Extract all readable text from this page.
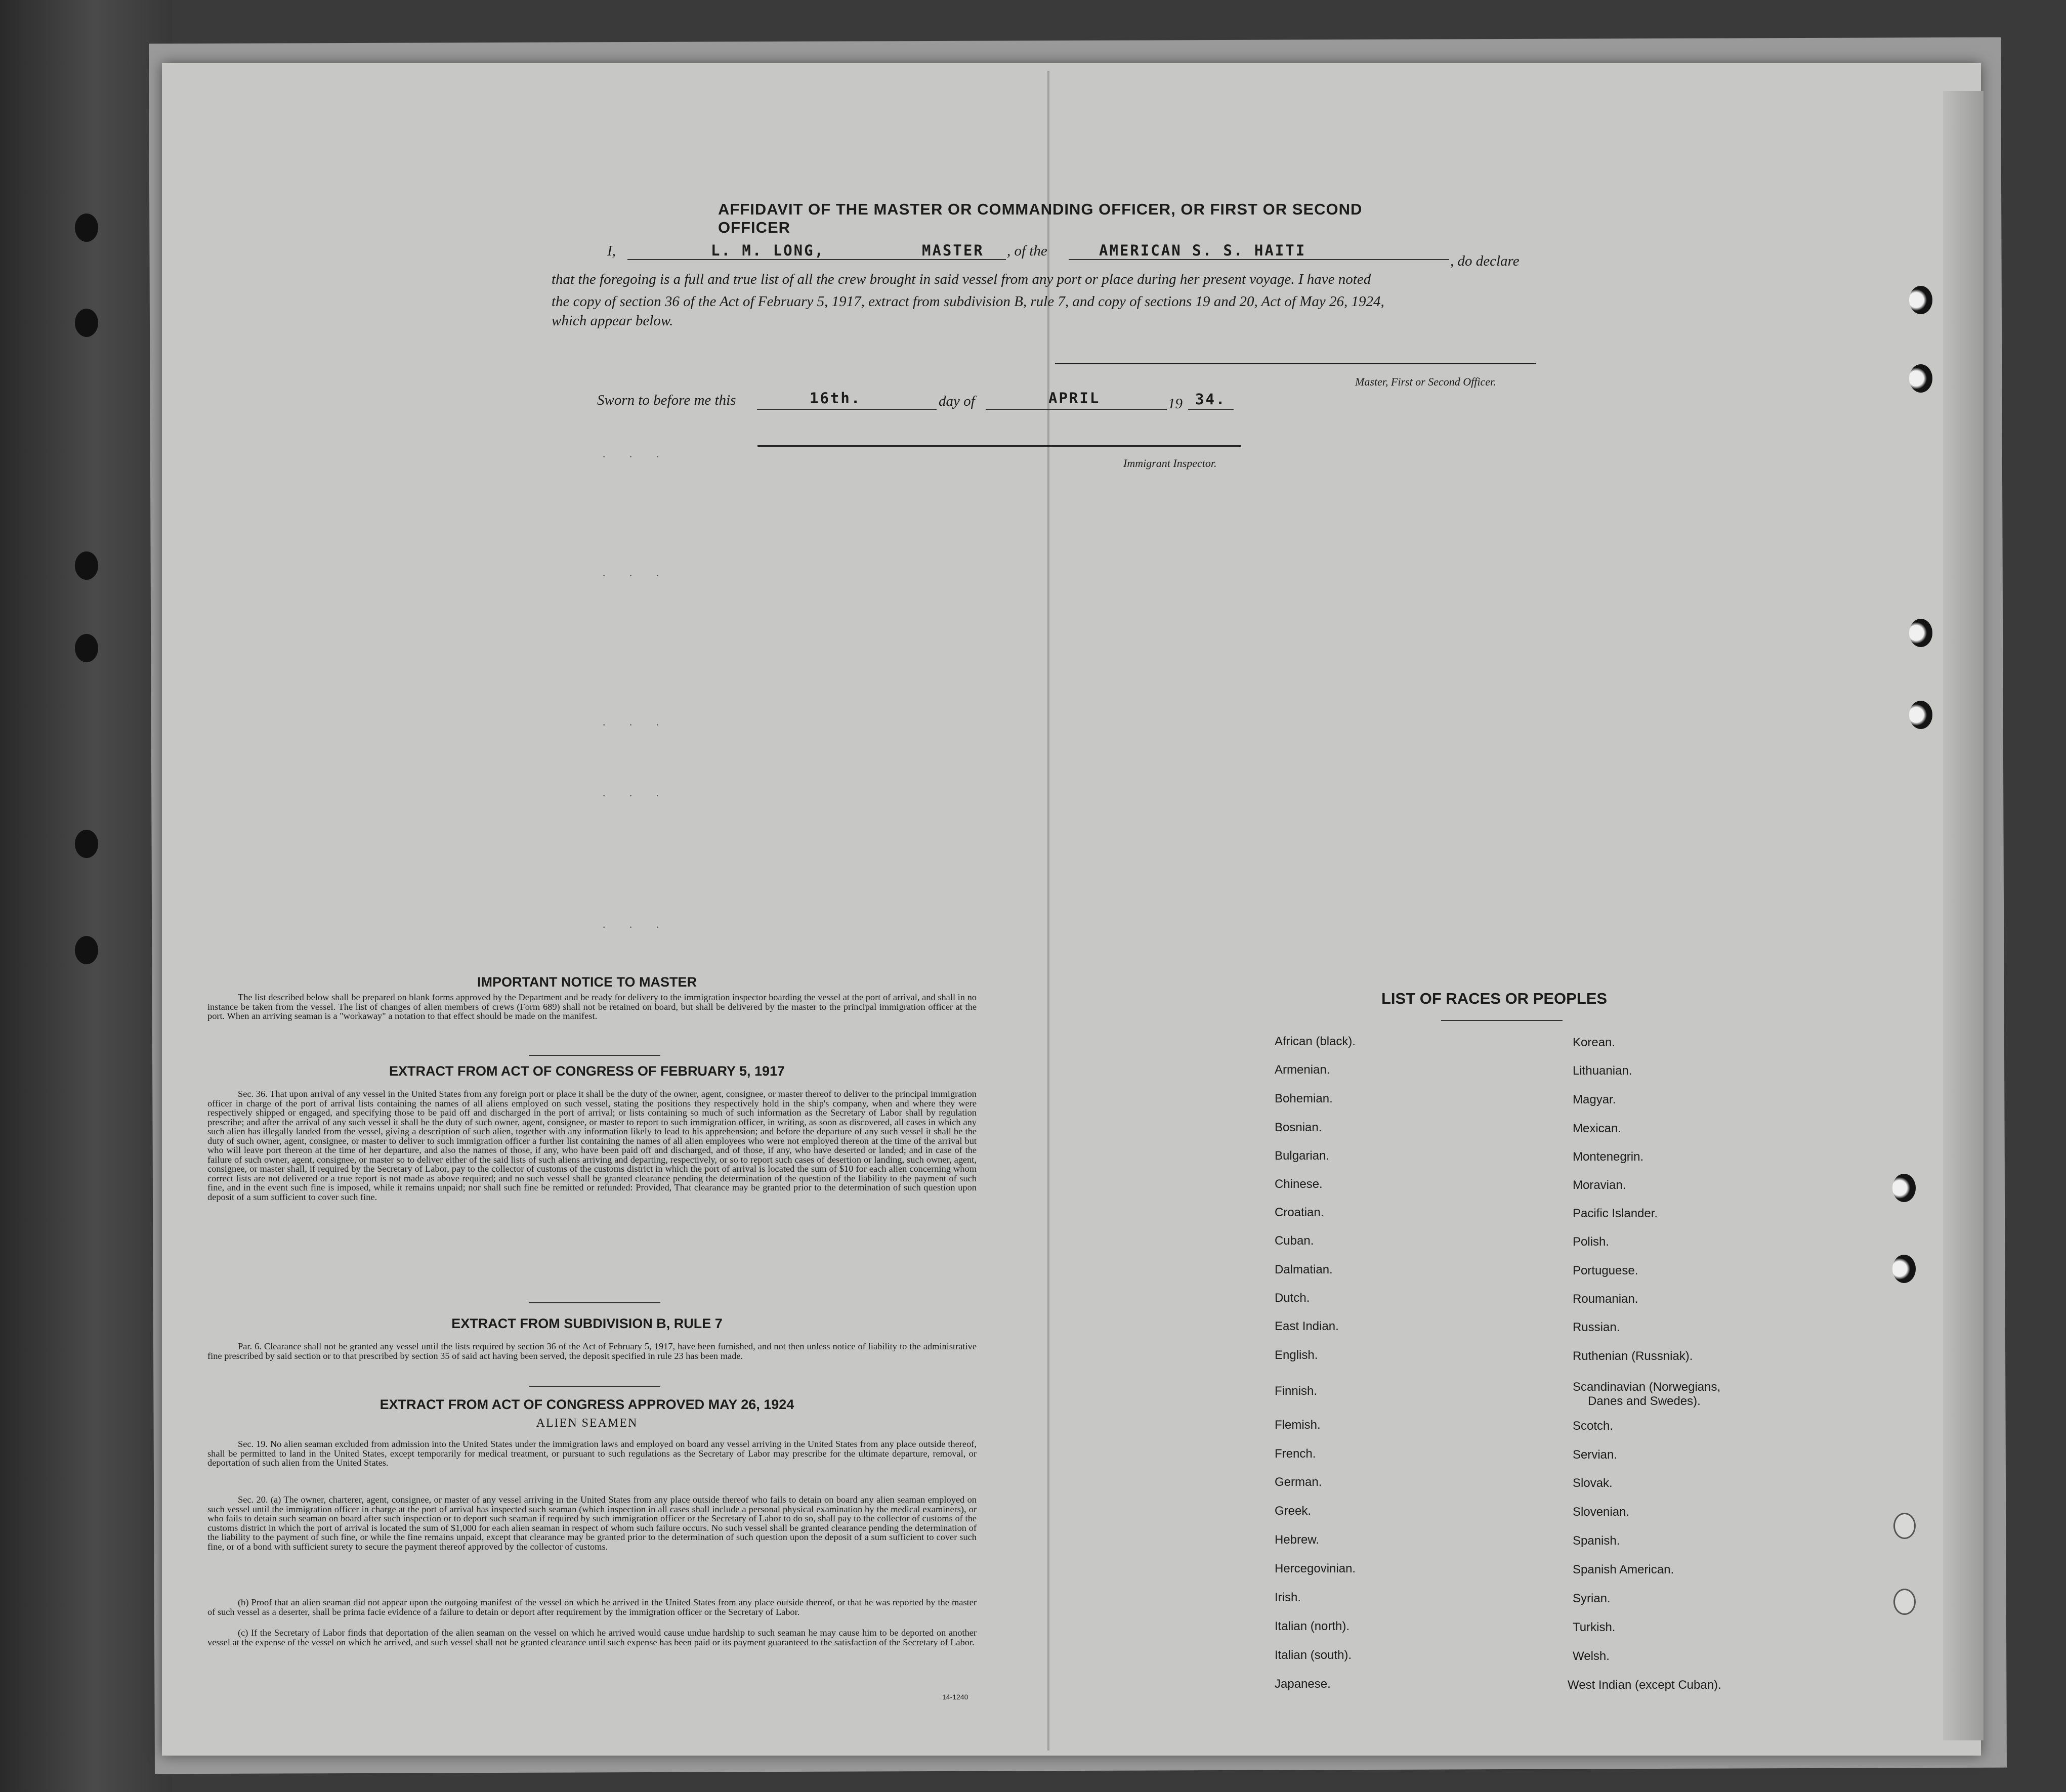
AFFIDAVIT OF THE MASTER OR COMMANDING OFFICER, OR FIRST OR SECOND OFFICER
I,	L. M. LONG,	MASTER , of the	AMERICAN S. S. HAITI
, do declare
that the foregoing is a full and true list of all the crew brought in said vessel from any port or place during her present voyage. I have noted
the copy of section 36 of the Act of February 5, 1917, extract from subdivision B, rule 7, and copy of sections 19 and 20, Act of May 26, 1924,
which appear below.
Master, First or Second Officer.
Sworn to before me this	16th.	day of	APRIL	19 34.
Immigrant Inspector.
· · ·
· · ·
· · ·
· · ·
· · ·
IMPORTANT NOTICE TO MASTER
The list described below shall be prepared on blank forms approved by the Department and be ready for delivery to the immigration inspector boarding the vessel at the port of arrival, and shall in no instance be taken from the vessel. The list of changes of alien members of crews (Form 689) shall not be retained on board, but shall be delivered by the master to the principal immigration officer at the port. When an arriving seaman is a "workaway" a notation to that effect should be made on the manifest.
EXTRACT FROM ACT OF CONGRESS OF FEBRUARY 5, 1917
Sec. 36. That upon arrival of any vessel in the United States from any foreign port or place it shall be the duty of the owner, agent, consignee, or master thereof to deliver to the principal immigration officer in charge of the port of arrival lists containing the names of all aliens employed on such vessel, stating the positions they respectively hold in the ship's company, when and where they were respectively shipped or engaged, and specifying those to be paid off and discharged in the port of arrival; or lists containing so much of such information as the Secretary of Labor shall by regulation prescribe; and after the arrival of any such vessel it shall be the duty of such owner, agent, consignee, or master to report to such immigration officer, in writing, as soon as discovered, all cases in which any such alien has illegally landed from the vessel, giving a description of such alien, together with any information likely to lead to his apprehension; and before the departure of any such vessel it shall be the duty of such owner, agent, consignee, or master to deliver to such immigration officer a further list containing the names of all alien employees who were not employed thereon at the time of the arrival but who will leave port thereon at the time of her departure, and also the names of those, if any, who have been paid off and discharged, and of those, if any, who have deserted or landed; and in case of the failure of such owner, agent, consignee, or master so to deliver either of the said lists of such aliens arriving and departing, respectively, or so to report such cases of desertion or landing, such owner, agent, consignee, or master shall, if required by the Secretary of Labor, pay to the collector of customs of the customs district in which the port of arrival is located the sum of $10 for each alien concerning whom correct lists are not delivered or a true report is not made as above required; and no such vessel shall be granted clearance pending the determination of the question of the liability to the payment of such fine, and in the event such fine is imposed, while it remains unpaid; nor shall such fine be remitted or refunded: Provided, That clearance may be granted prior to the determination of such question upon deposit of a sum sufficient to cover such fine.
EXTRACT FROM SUBDIVISION B, RULE 7
Par. 6. Clearance shall not be granted any vessel until the lists required by section 36 of the Act of February 5, 1917, have been furnished, and not then unless notice of liability to the administrative fine prescribed by said section or to that prescribed by section 35 of said act having been served, the deposit specified in rule 23 has been made.
EXTRACT FROM ACT OF CONGRESS APPROVED MAY 26, 1924
ALIEN SEAMEN
Sec. 19. No alien seaman excluded from admission into the United States under the immigration laws and employed on board any vessel arriving in the United States from any place outside thereof, shall be permitted to land in the United States, except temporarily for medical treatment, or pursuant to such regulations as the Secretary of Labor may prescribe for the ultimate departure, removal, or deportation of such alien from the United States.
Sec. 20. (a) The owner, charterer, agent, consignee, or master of any vessel arriving in the United States from any place outside thereof who fails to detain on board any alien seaman employed on such vessel until the immigration officer in charge at the port of arrival has inspected such seaman (which inspection in all cases shall include a personal physical examination by the medical examiners), or who fails to detain such seaman on board after such inspection or to deport such seaman if required by such immigration officer or the Secretary of Labor to do so, shall pay to the collector of customs of the customs district in which the port of arrival is located the sum of $1,000 for each alien seaman in respect of whom such failure occurs. No such vessel shall be granted clearance pending the determination of the liability to the payment of such fine, or while the fine remains unpaid, except that clearance may be granted prior to the determination of such question upon the deposit of a sum sufficient to cover such fine, or of a bond with sufficient surety to secure the payment thereof approved by the collector of customs.
(b) Proof that an alien seaman did not appear upon the outgoing manifest of the vessel on which he arrived in the United States from any place outside thereof, or that he was reported by the master of such vessel as a deserter, shall be prima facie evidence of a failure to detain or deport after requirement by the immigration officer or the Secretary of Labor.
(c) If the Secretary of Labor finds that deportation of the alien seaman on the vessel on which he arrived would cause undue hardship to such seaman he may cause him to be deported on another vessel at the expense of the vessel on which he arrived, and such vessel shall not be granted clearance until such expense has been paid or its payment guaranteed to the satisfaction of the Secretary of Labor.
14-1240
LIST OF RACES OR PEOPLES
African (black).
Armenian.
Bohemian.
Bosnian.
Bulgarian.
Chinese.
Croatian.
Cuban.
Dalmatian.
Dutch.
East Indian.
English.
Finnish.
Flemish.
French.
German.
Greek.
Hebrew.
Hercegovinian.
Irish.
Italian (north).
Italian (south).
Japanese.
Korean.
Lithuanian.
Magyar.
Mexican.
Montenegrin.
Moravian.
Pacific Islander.
Polish.
Portuguese.
Roumanian.
Russian.
Ruthenian (Russniak).
Scandinavian (Norwegians,
Danes and Swedes).
Scotch.
Servian.
Slovak.
Slovenian.
Spanish.
Spanish American.
Syrian.
Turkish.
Welsh.
West Indian (except Cuban).
